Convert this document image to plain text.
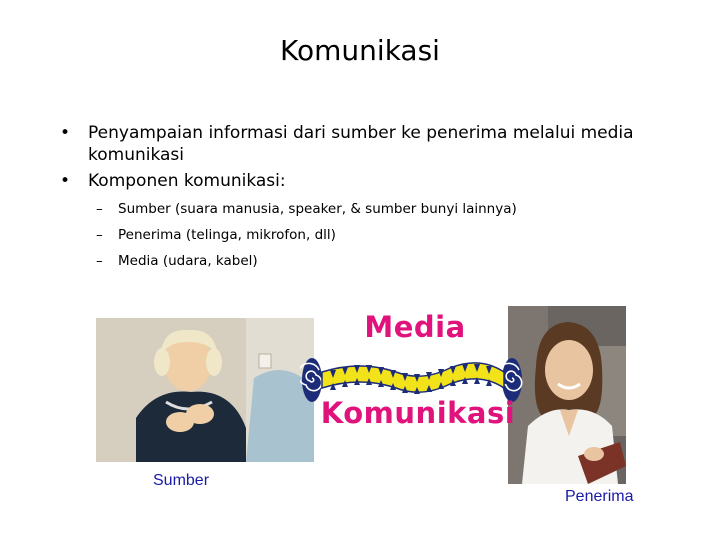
Komunikasi
• Penyampaian informasi dari sumber ke penerima melalui media komunikasi
• Komponen komunikasi:
– Sumber (suara manusia, speaker, & sumber bunyi lainnya)
– Penerima (telinga, mikrofon, dll)
– Media (udara, kabel)
Media
Komunikasi
Sumber
Penerima
